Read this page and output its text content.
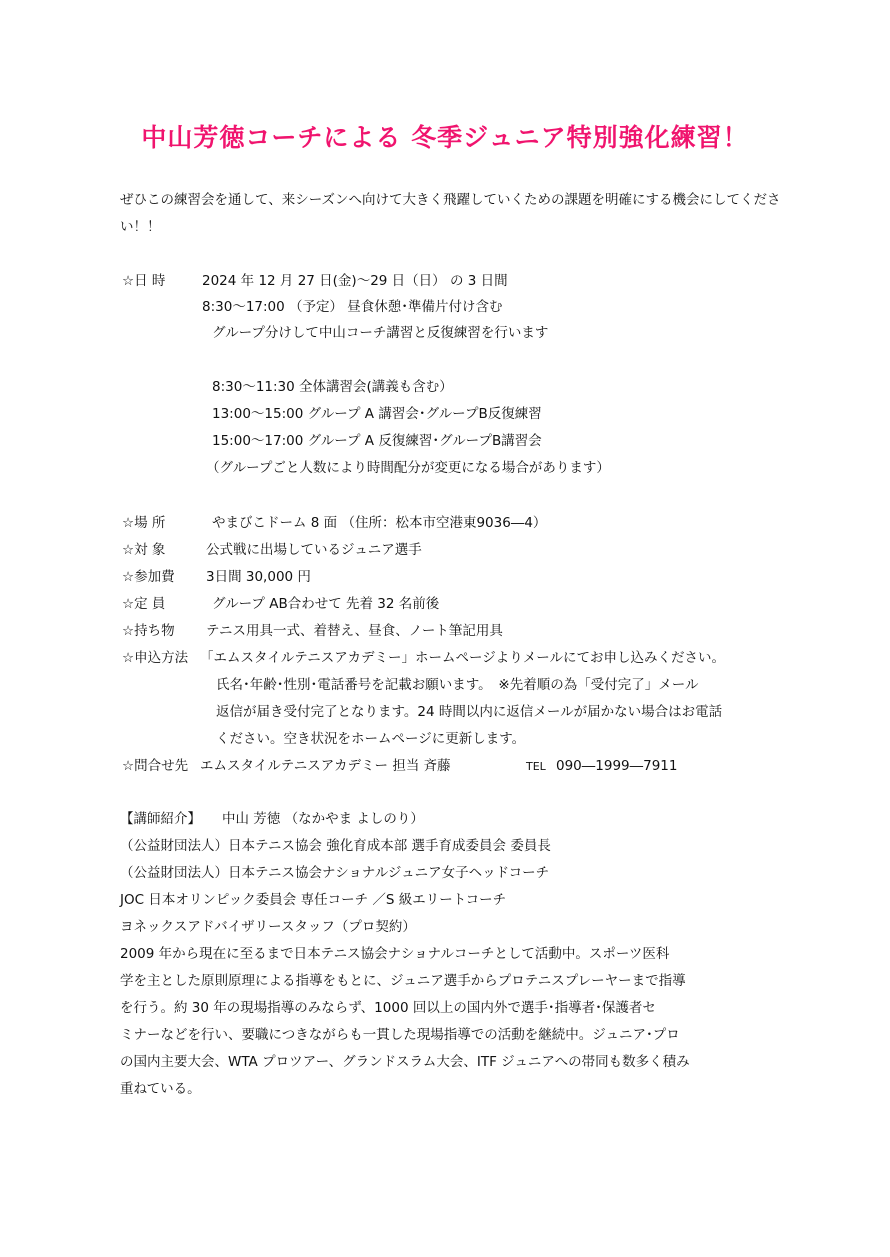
中山芳徳コーチによる 冬季ジュニア特別強化練習！
ぜひこの練習会を通して、来シーズンへ向けて大きく飛躍していくための課題を明確にする機会にしてくださ
い！！
☆日 時	2024 年 12 月 27 日(金)～29 日（日） の 3 日間
8:30～17:00 （予定） 昼食休憩･準備片付け含む
グループ分けして中山コーチ講習と反復練習を行います
8:30～11:30 全体講習会(講義も含む）
13:00～15:00 グループ A 講習会･グループB反復練習
15:00～17:00 グループ A 反復練習･グループB講習会
（グループごと人数により時間配分が変更になる場合があります）
☆場 所	やまびこドーム 8 面 （住所：松本市空港東9036―4）
☆対 象	公式戦に出場しているジュニア選手
☆参加費 3日間 30,000 円
☆定 員	グループ AB合わせて 先着 32 名前後
☆持ち物 テニス用具一式、着替え、昼食、ノート筆記用具
☆申込方法 「エムスタイルテニスアカデミー」ホームページよりメールにてお申し込みください。
氏名･年齢･性別･電話番号を記載お願います。　※先着順の為「受付完了」メール
返信が届き受付完了となります。24 時間以内に返信メールが届かない場合はお電話
ください。空き状況をホームページに更新します。
☆問合せ先 エムスタイルテニスアカデミー 担当 斉藤	TEL 090―1999―7911
【講師紹介】 中山 芳徳 （なかやま よしのり）
（公益財団法人）日本テニス協会 強化育成本部 選手育成委員会 委員長
（公益財団法人）日本テニス協会ナショナルジュニア女子ヘッドコーチ
JOC 日本オリンピック委員会 専任コーチ ／S 級エリートコーチ
ヨネックスアドバイザリースタッフ（プロ契約）
2009 年から現在に至るまで日本テニス協会ナショナルコーチとして活動中。スポーツ医科
学を主とした原則原理による指導をもとに、ジュニア選手からプロテニスプレーヤーまで指導
を行う。約 30 年の現場指導のみならず、1000 回以上の国内外で選手･指導者･保護者セ
ミナーなどを行い、要職につきながらも一貫した現場指導での活動を継続中。ジュニア･プロ
の国内主要大会、WTA プロツアー、グランドスラム大会、ITF ジュニアへの帯同も数多く積み
重ねている。
